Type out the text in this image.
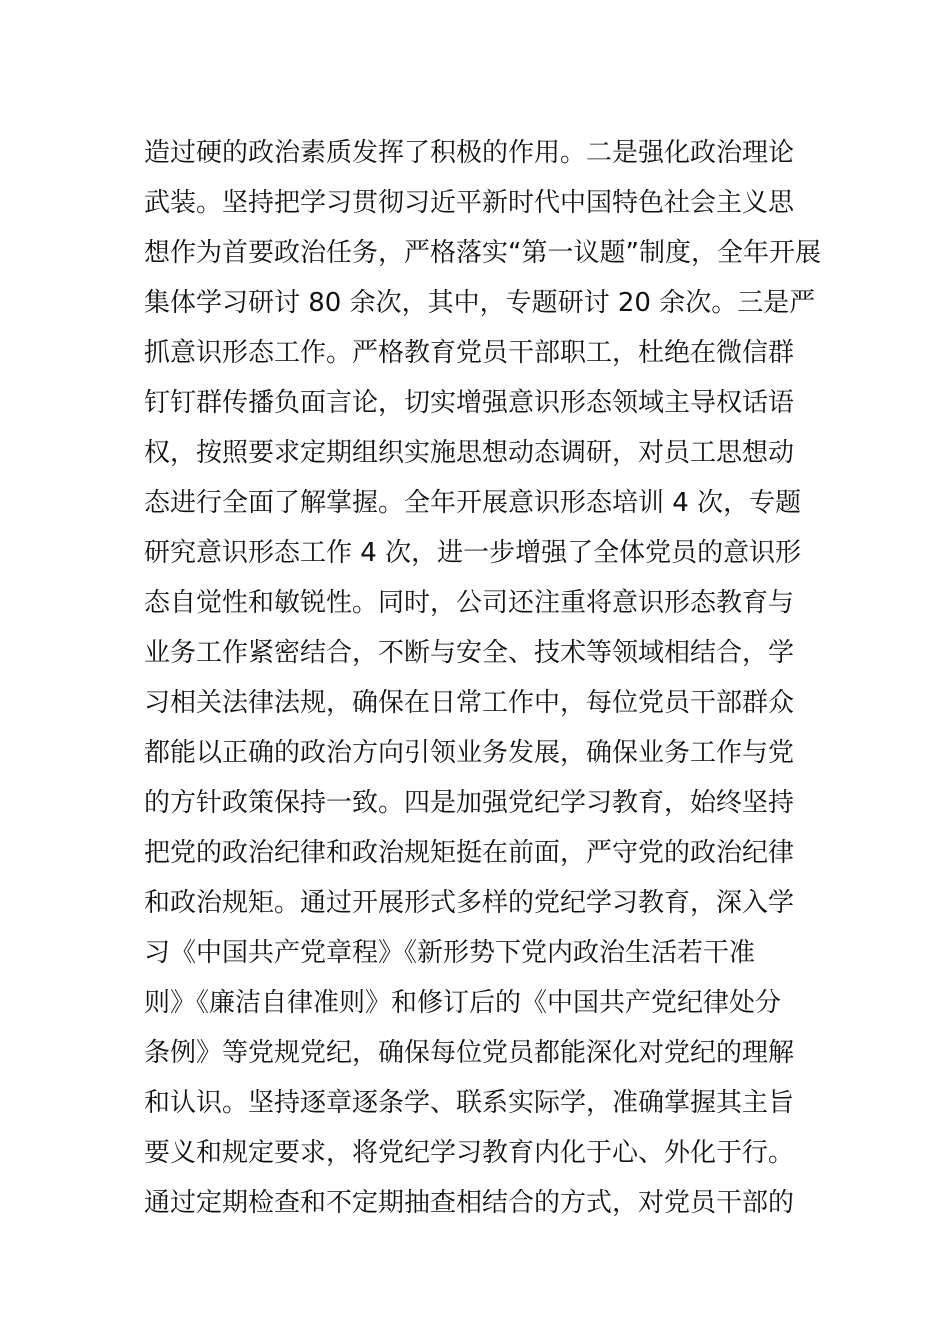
造过硬的政治素质发挥了积极的作用。二是强化政治理论
武装。坚持把学习贯彻习近平新时代中国特色社会主义思
想作为首要政治任务，严格落实“第一议题”制度，全年开展
集体学习研讨 80 余次，其中，专题研讨 20 余次。三是严
抓意识形态工作。严格教育党员干部职工，杜绝在微信群
钉钉群传播负面言论，切实增强意识形态领域主导权话语
权，按照要求定期组织实施思想动态调研，对员工思想动
态进行全面了解掌握。全年开展意识形态培训 4 次，专题
研究意识形态工作 4 次，进一步增强了全体党员的意识形
态自觉性和敏锐性。同时，公司还注重将意识形态教育与
业务工作紧密结合，不断与安全、技术等领域相结合，学
习相关法律法规，确保在日常工作中，每位党员干部群众
都能以正确的政治方向引领业务发展，确保业务工作与党
的方针政策保持一致。四是加强党纪学习教育，始终坚持
把党的政治纪律和政治规矩挺在前面，严守党的政治纪律
和政治规矩。通过开展形式多样的党纪学习教育，深入学
习《中国共产党章程》《新形势下党内政治生活若干准
则》《廉洁自律准则》和修订后的《中国共产党纪律处分
条例》等党规党纪，确保每位党员都能深化对党纪的理解
和认识。坚持逐章逐条学、联系实际学，准确掌握其主旨
要义和规定要求，将党纪学习教育内化于心、外化于行。
通过定期检查和不定期抽查相结合的方式，对党员干部的
